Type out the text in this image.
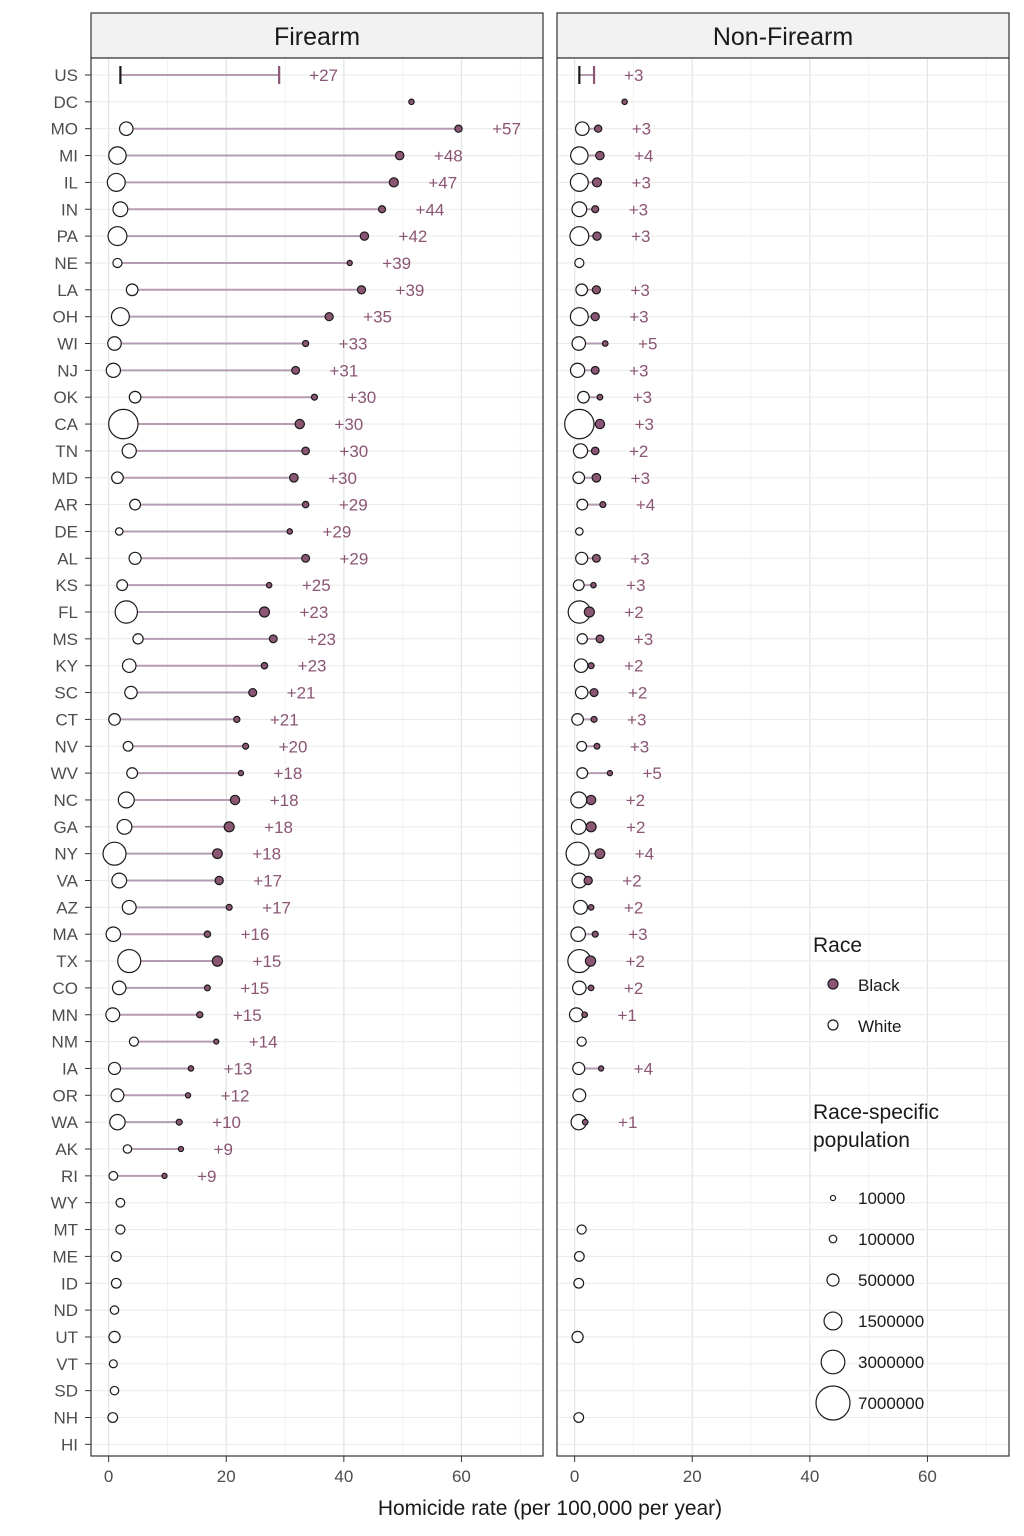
Firearm
+27
+57
+48
+47
+44
+42
+39
+39
+35
+33
+31
+30
+30
+30
+30
+29
+29
+29
+25
+23
+23
+23
+21
+21
+20
+18
+18
+18
+18
+17
+17
+16
+15
+15
+15
+14
+13
+12
+10
+9
+9
0	20	40	60
Non-Firearm
+3
+3
+4
+3
+3
+3
+3
+3
+5
+3
+3
+3
+2
+3
+4
+3
+3
+2
+3
+2
+2
+3
+3
+5
+2
+2
+4
+2
+2
+3
+2
+2
+1
+4
+1
0	20	40	60
US
DC
MO
MI
IL
IN
PA
NE
LA
OH
WI
NJ
OK
CA
TN
MD
AR
DE
AL
KS
FL
MS
KY
SC
CT
NV
WV
NC
GA
NY
VA
AZ
MA
TX
CO
MN
NM
IA
OR
WA
AK
RI
WY
MT
ME
ID
ND
UT
VT
SD
NH
HI
Homicide rate (per 100,000 per year)
Race
Black
White
Race-specific
population
10000
100000
500000
1500000
3000000
7000000
